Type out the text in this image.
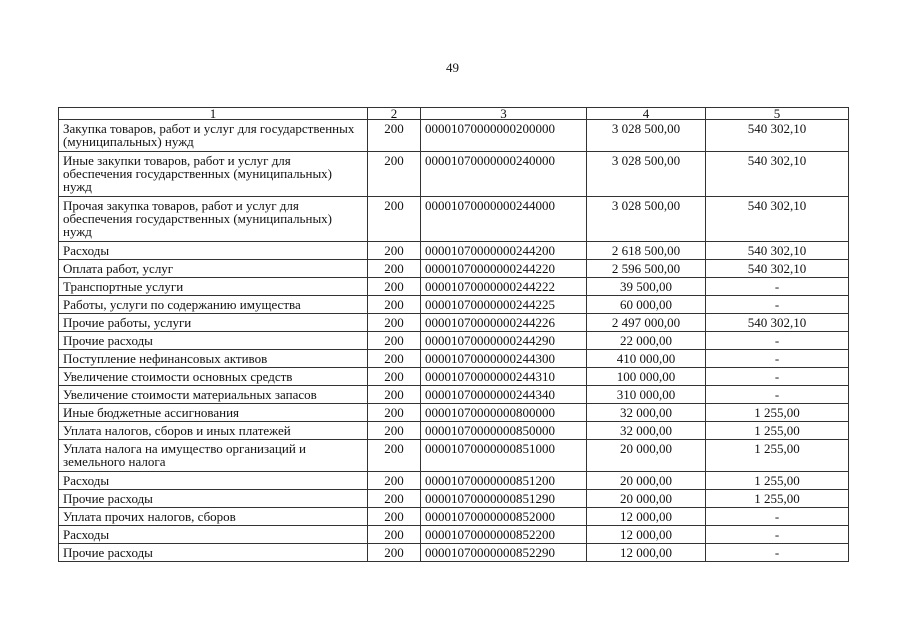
49
1	2	3	4	5
Закупка товаров, работ и услуг для государственных (муниципальных) нужд	200	00001070000000200000	3 028 500,00	540 302,10
Иные закупки товаров, работ и услуг для обеспечения государственных (муниципальных) нужд	200	00001070000000240000	3 028 500,00	540 302,10
Прочая закупка товаров, работ и услуг для обеспечения государственных (муниципальных) нужд	200	00001070000000244000	3 028 500,00	540 302,10
Расходы	200	00001070000000244200	2 618 500,00	540 302,10
Оплата работ, услуг	200	00001070000000244220	2 596 500,00	540 302,10
Транспортные услуги	200	00001070000000244222	39 500,00	-
Работы, услуги по содержанию имущества	200	00001070000000244225	60 000,00	-
Прочие работы, услуги	200	00001070000000244226	2 497 000,00	540 302,10
Прочие расходы	200	00001070000000244290	22 000,00	-
Поступление нефинансовых активов	200	00001070000000244300	410 000,00	-
Увеличение стоимости основных средств	200	00001070000000244310	100 000,00	-
Увеличение стоимости материальных запасов	200	00001070000000244340	310 000,00	-
Иные бюджетные ассигнования	200	00001070000000800000	32 000,00	1 255,00
Уплата налогов, сборов и иных платежей	200	00001070000000850000	32 000,00	1 255,00
Уплата налога на имущество организаций и земельного налога	200	00001070000000851000	20 000,00	1 255,00
Расходы	200	00001070000000851200	20 000,00	1 255,00
Прочие расходы	200	00001070000000851290	20 000,00	1 255,00
Уплата прочих налогов, сборов	200	00001070000000852000	12 000,00	-
Расходы	200	00001070000000852200	12 000,00	-
Прочие расходы	200	00001070000000852290	12 000,00	-
